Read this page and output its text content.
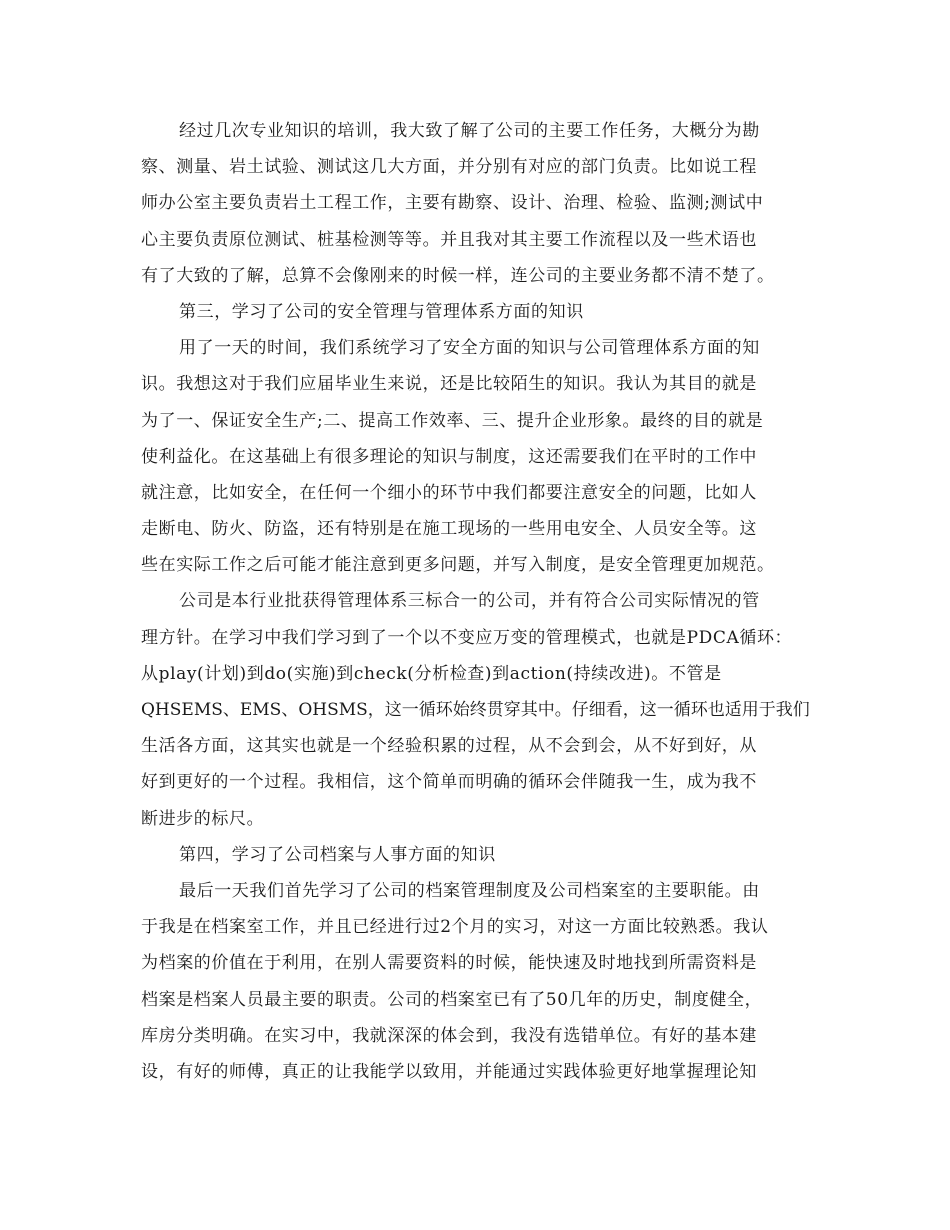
经过几次专业知识的培训，我大致了解了公司的主要工作任务，大概分为勘
察、测量、岩土试验、测试这几大方面，并分别有对应的部门负责。比如说工程
师办公室主要负责岩土工程工作，主要有勘察、设计、治理、检验、监测;测试中
心主要负责原位测试、桩基检测等等。并且我对其主要工作流程以及一些术语也
有了大致的了解，总算不会像刚来的时候一样，连公司的主要业务都不清不楚了。
第三，学习了公司的安全管理与管理体系方面的知识
用了一天的时间，我们系统学习了安全方面的知识与公司管理体系方面的知
识。我想这对于我们应届毕业生来说，还是比较陌生的知识。我认为其目的就是
为了一、保证安全生产;二、提高工作效率、三、提升企业形象。最终的目的就是
使利益化。在这基础上有很多理论的知识与制度，这还需要我们在平时的工作中
就注意，比如安全，在任何一个细小的环节中我们都要注意安全的问题，比如人
走断电、防火、防盗，还有特别是在施工现场的一些用电安全、人员安全等。这
些在实际工作之后可能才能注意到更多问题，并写入制度，是安全管理更加规范。
公司是本行业批获得管理体系三标合一的公司，并有符合公司实际情况的管
理方针。在学习中我们学习到了一个以不变应万变的管理模式，也就是PDCA循环：
从play(计划)到do(实施)到check(分析检查)到action(持续改进)。不管是
QHSEMS、EMS、OHSMS，这一循环始终贯穿其中。仔细看，这一循环也适用于我们
生活各方面，这其实也就是一个经验积累的过程，从不会到会，从不好到好，从
好到更好的一个过程。我相信，这个简单而明确的循环会伴随我一生，成为我不
断进步的标尺。
第四，学习了公司档案与人事方面的知识
最后一天我们首先学习了公司的档案管理制度及公司档案室的主要职能。由
于我是在档案室工作，并且已经进行过2个月的实习，对这一方面比较熟悉。我认
为档案的价值在于利用，在别人需要资料的时候，能快速及时地找到所需资料是
档案是档案人员最主要的职责。公司的档案室已有了50几年的历史，制度健全，
库房分类明确。在实习中，我就深深的体会到，我没有选错单位。有好的基本建
设，有好的师傅，真正的让我能学以致用，并能通过实践体验更好地掌握理论知
